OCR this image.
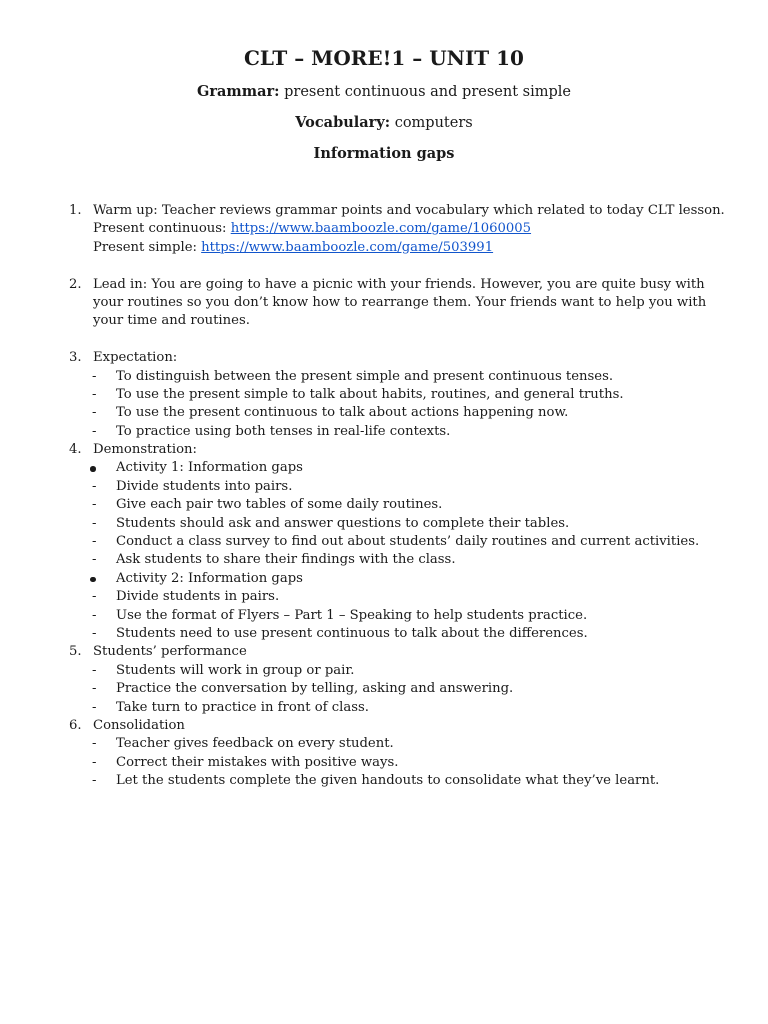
CLT – MORE!1 – UNIT 10
Grammar: present continuous and present simple
Vocabulary: computers
Information gaps
1. Warm up: Teacher reviews grammar points and vocabulary which related to today CLT lesson.
Present continuous: https://www.baamboozle.com/game/1060005
Present simple: https://www.baamboozle.com/game/503991
2. Lead in: You are going to have a picnic with your friends. However, you are quite busy with
your routines so you don’t know how to rearrange them. Your friends want to help you with
your time and routines.
3. Expectation:
- To distinguish between the present simple and present continuous tenses.
- To use the present simple to talk about habits, routines, and general truths.
- To use the present continuous to talk about actions happening now.
- To practice using both tenses in real-life contexts.
4. Demonstration:
Activity 1: Information gaps
- Divide students into pairs.
- Give each pair two tables of some daily routines.
- Students should ask and answer questions to complete their tables.
- Conduct a class survey to find out about students’ daily routines and current activities.
- Ask students to share their findings with the class.
Activity 2: Information gaps
- Divide students in pairs.
- Use the format of Flyers – Part 1 – Speaking to help students practice.
- Students need to use present continuous to talk about the differences.
5. Students’ performance
- Students will work in group or pair.
- Practice the conversation by telling, asking and answering.
- Take turn to practice in front of class.
6. Consolidation
- Teacher gives feedback on every student.
- Correct their mistakes with positive ways.
- Let the students complete the given handouts to consolidate what they’ve learnt.
